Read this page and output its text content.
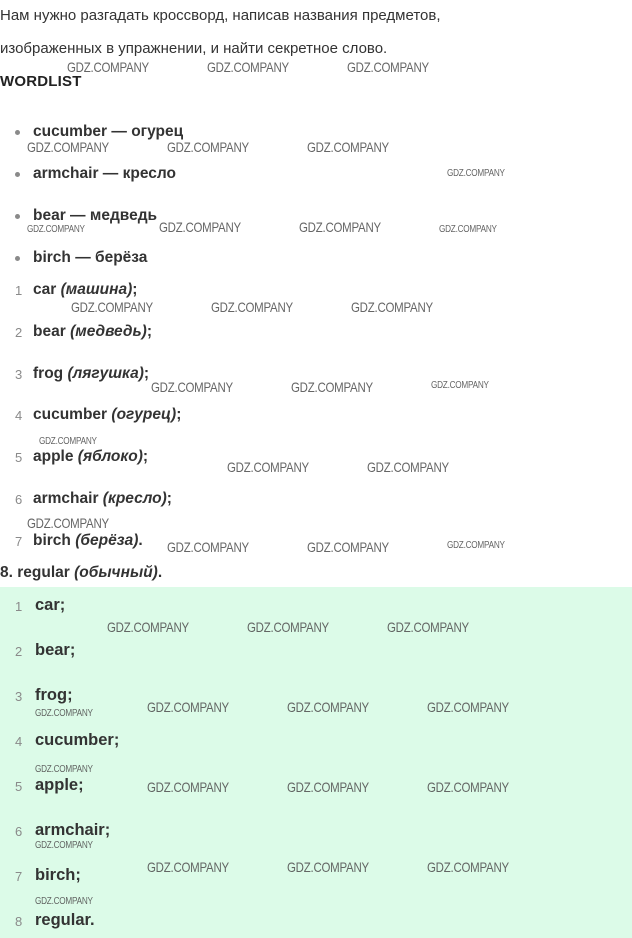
Нам нужно разгадать кроссворд, написав названия предметов,
изображенных в упражнении, и найти секретное слово.
WORDLIST
cucumber — огурец
armchair — кресло
bear — медведь
birch — берёза
1 car (машина);
2 bear (медведь);
3 frog (лягушка);
4 cucumber (огурец);
5 apple (яблоко);
6 armchair (кресло);
7 birch (берёза).
8. regular (обычный).
1 car;
2 bear;
3 frog;
4 cucumber;
5 apple;
6 armchair;
7 birch;
8 regular.
GDZ.COMPANY	GDZ.COMPANY	GDZ.COMPANY
GDZ.COMPANY	GDZ.COMPANY	GDZ.COMPANY
GDZ.COMPANY
GDZ.COMPANY	GDZ.COMPANY	GDZ.COMPANY	GDZ.COMPANY
GDZ.COMPANY	GDZ.COMPANY	GDZ.COMPANY
GDZ.COMPANY	GDZ.COMPANY	GDZ.COMPANY
GDZ.COMPANY
GDZ.COMPANY	GDZ.COMPANY
GDZ.COMPANY
GDZ.COMPANY	GDZ.COMPANY	GDZ.COMPANY
GDZ.COMPANY	GDZ.COMPANY	GDZ.COMPANY
GDZ.COMPANY	GDZ.COMPANY	GDZ.COMPANY	GDZ.COMPANY
GDZ.COMPANY
GDZ.COMPANY	GDZ.COMPANY	GDZ.COMPANY
GDZ.COMPANY
GDZ.COMPANY	GDZ.COMPANY	GDZ.COMPANY
GDZ.COMPANY
